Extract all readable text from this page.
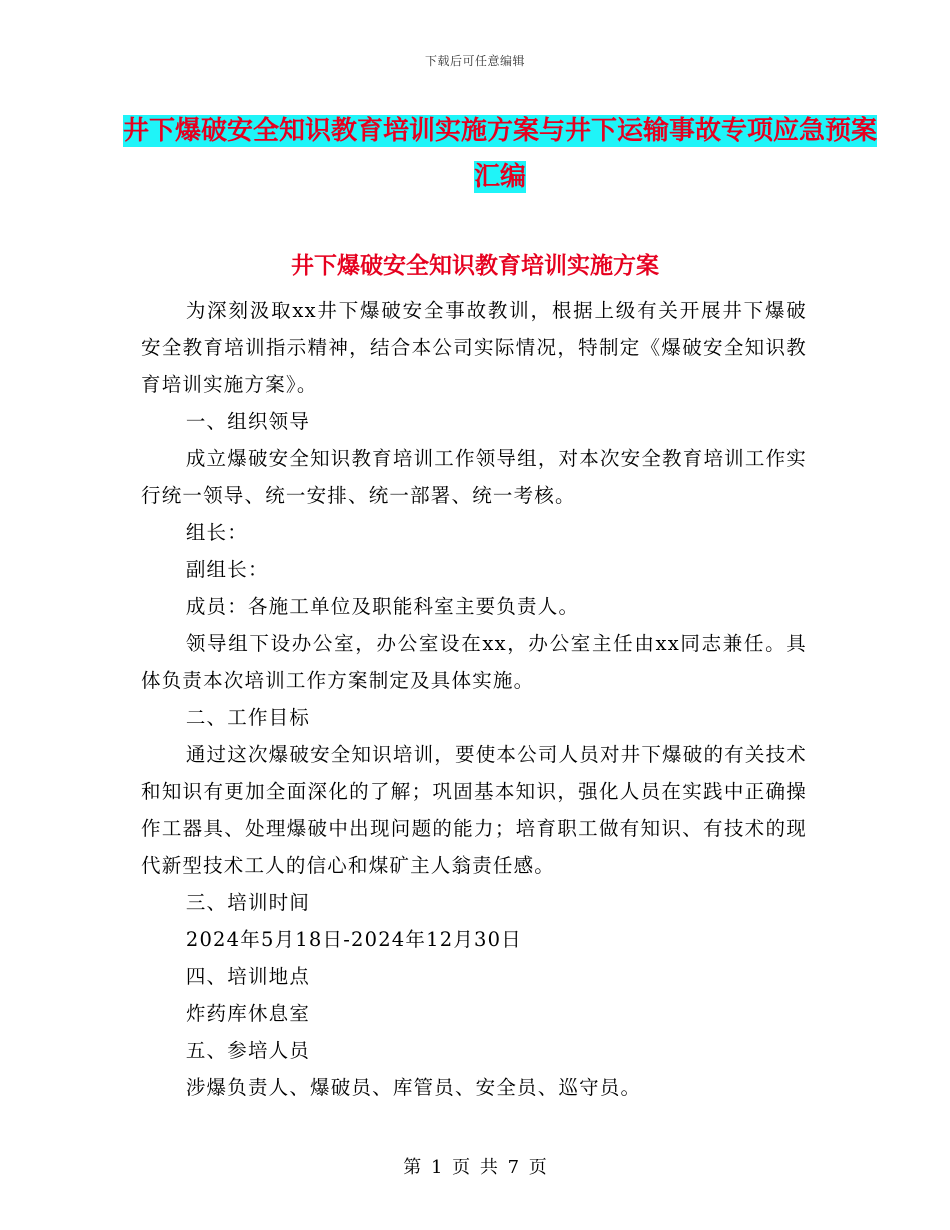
下载后可任意编辑
井下爆破安全知识教育培训实施方案与井下运输事故专项应急预案汇编
井下爆破安全知识教育培训实施方案

为深刻汲取xx井下爆破安全事故教训，根据上级有关开展井下爆破安全教育培训指示精神，结合本公司实际情况，特制定《爆破安全知识教育培训实施方案》。

一、组织领导

成立爆破安全知识教育培训工作领导组，对本次安全教育培训工作实行统一领导、统一安排、统一部署、统一考核。

组长：

副组长：

成员：各施工单位及职能科室主要负责人。

领导组下设办公室，办公室设在xx，办公室主任由xx同志兼任。具体负责本次培训工作方案制定及具体实施。

二、工作目标

通过这次爆破安全知识培训，要使本公司人员对井下爆破的有关技术和知识有更加全面深化的了解；巩固基本知识，强化人员在实践中正确操作工器具、处理爆破中出现问题的能力；培育职工做有知识、有技术的现代新型技术工人的信心和煤矿主人翁责任感。

三、培训时间

2024年5月18日-2024年12月30日

四、培训地点

炸药库休息室

五、参培人员

涉爆负责人、爆破员、库管员、安全员、巡守员。

第 1 页 共 7 页
